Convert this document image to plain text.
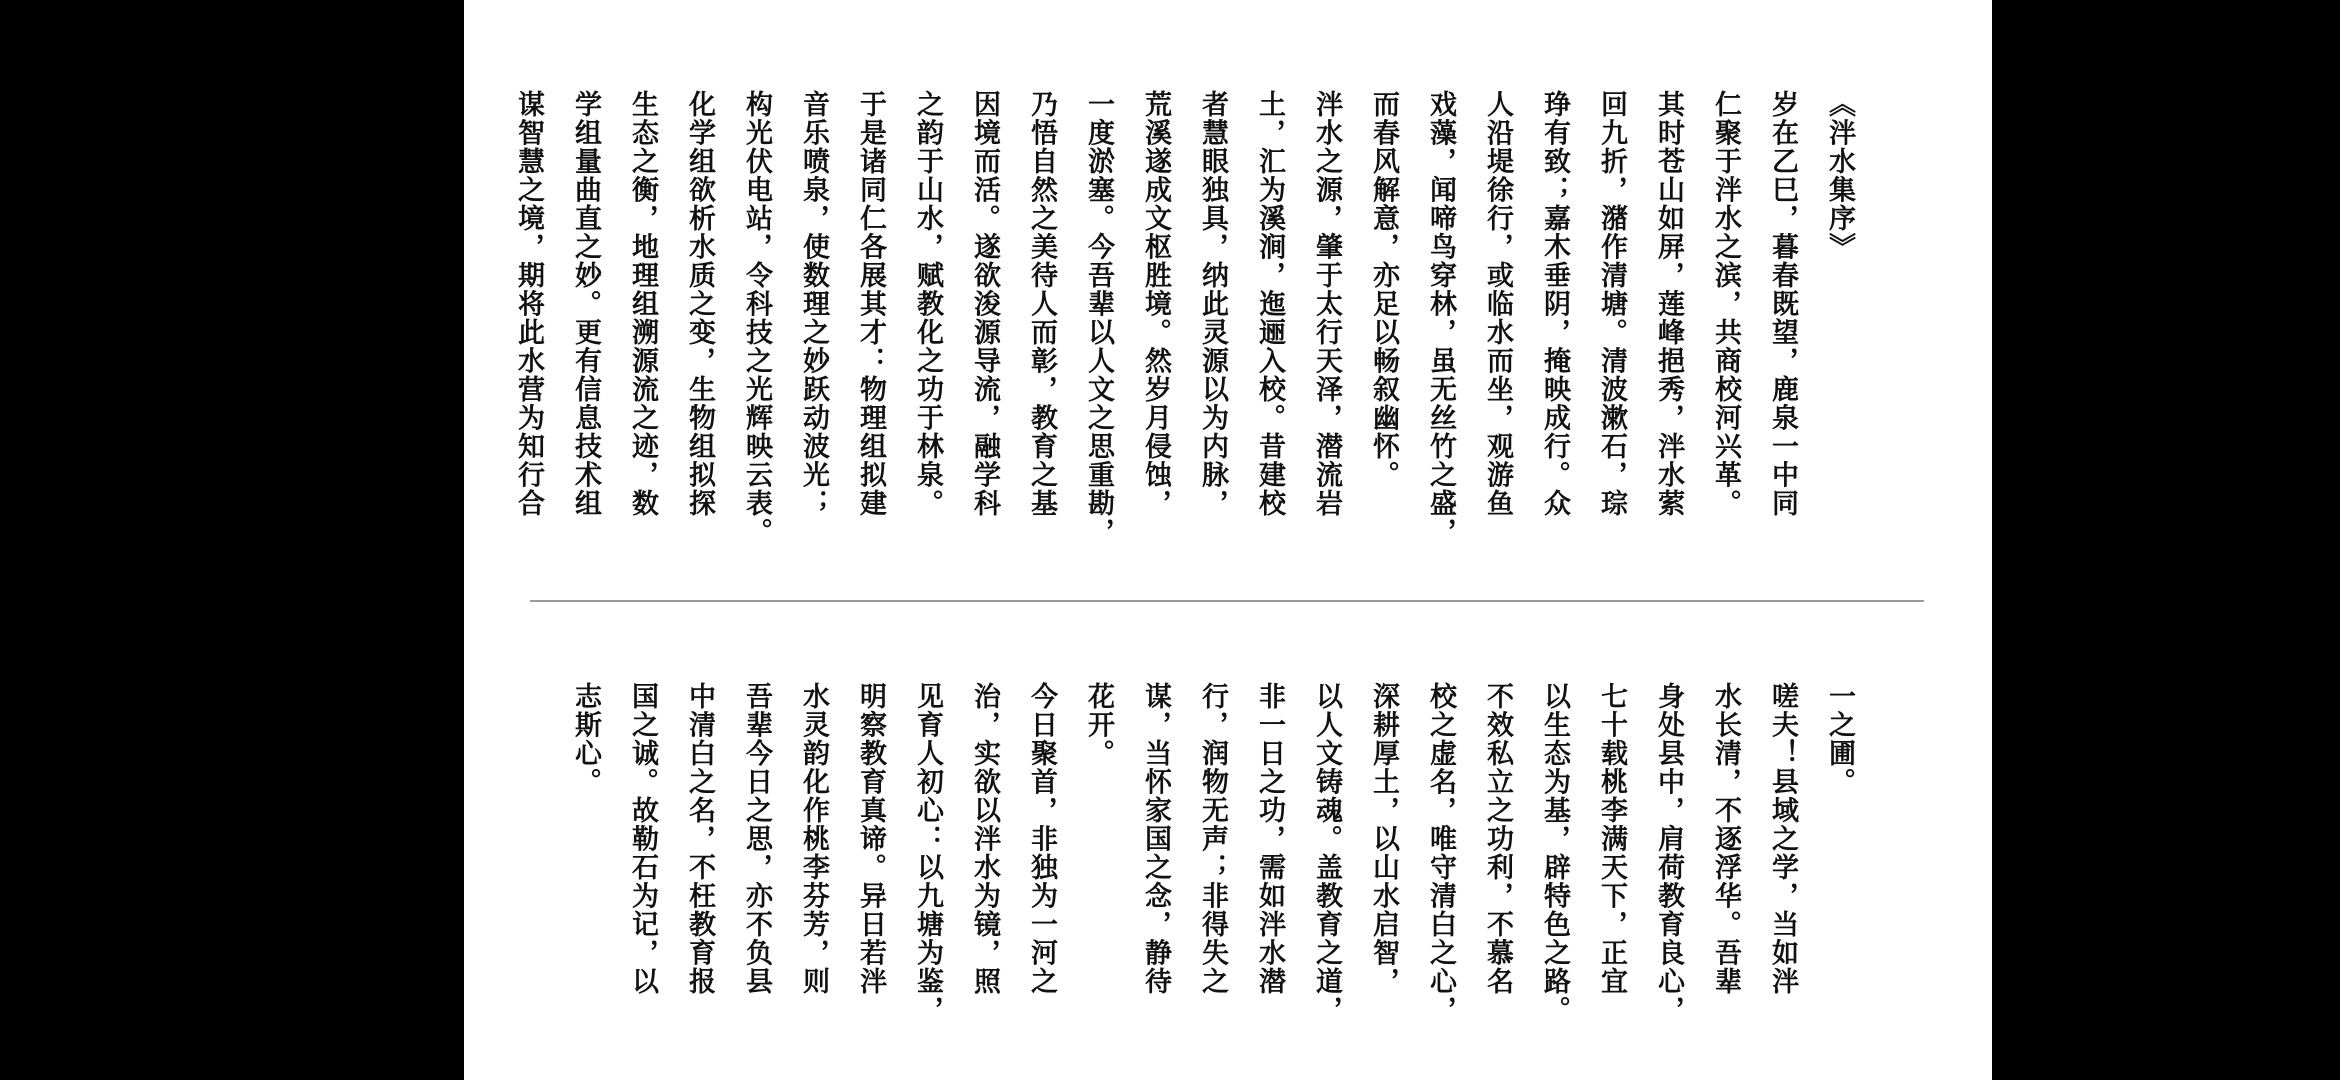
《泮水集序》
岁在乙巳，暮春既望，鹿泉一中同
仁聚于泮水之滨，共商校河兴革。
其时苍山如屏，莲峰挹秀，泮水萦
回九折，潴作清塘。清波漱石，琮
琤有致；嘉木垂阴，掩映成行。众
人沿堤徐行，或临水而坐，观游鱼
戏藻，闻啼鸟穿林，虽无丝竹之盛，
而春风解意，亦足以畅叙幽怀。
泮水之源，肇于太行天泽，潜流岩
土，汇为溪涧，迤逦入校。昔建校
者慧眼独具，纳此灵源以为内脉，
荒溪遂成文枢胜境。然岁月侵蚀，
一度淤塞。今吾辈以人文之思重勘，
乃悟自然之美待人而彰，教育之基
因境而活。遂欲浚源导流，融学科
之韵于山水，赋教化之功于林泉。
于是诸同仁各展其才：物理组拟建
音乐喷泉，使数理之妙跃动波光；
构光伏电站，令科技之光辉映云表。
化学组欲析水质之变，生物组拟探
生态之衡，地理组溯源流之迹，数
学组量曲直之妙。更有信息技术组
谋智慧之境，期将此水营为知行合
一之圃。
嗟夫！县域之学，当如泮
水长清，不逐浮华。吾辈
身处县中，肩荷教育良心，
七十载桃李满天下，正宜
以生态为基，辟特色之路。
不效私立之功利，不慕名
校之虚名，唯守清白之心，
深耕厚土，以山水启智，
以人文铸魂。盖教育之道，
非一日之功，需如泮水潜
行，润物无声；非得失之
谋，当怀家国之念，静待
花开。
今日聚首，非独为一河之
治，实欲以泮水为镜，照
见育人初心：以九塘为鉴，
明察教育真谛。异日若泮
水灵韵化作桃李芬芳，则
吾辈今日之思，亦不负县
中清白之名，不枉教育报
国之诚。故勒石为记，以
志斯心。
